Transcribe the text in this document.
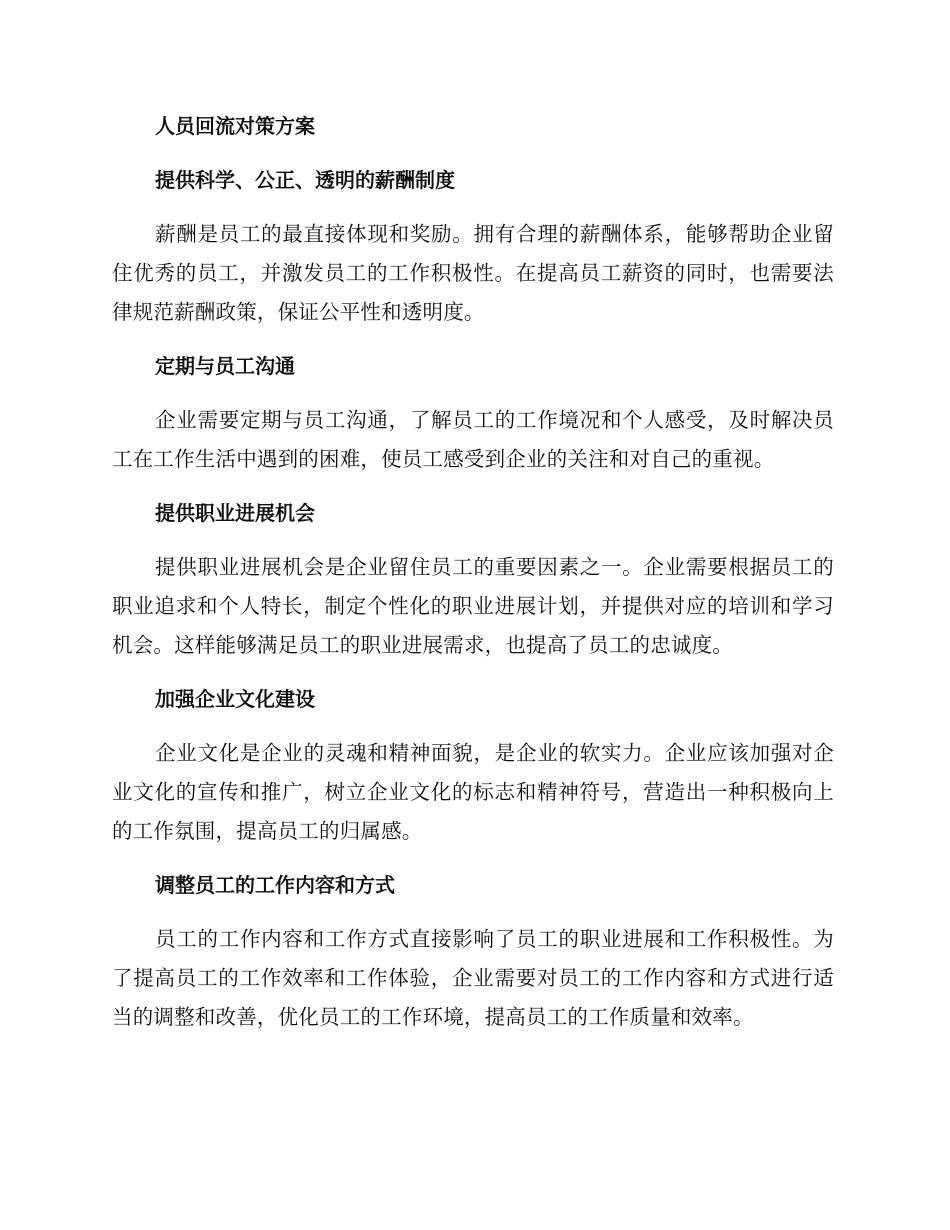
人员回流对策方案

提供科学、公正、透明的薪酬制度

薪酬是员工的最直接体现和奖励。拥有合理的薪酬体系，能够帮助企业留住优秀的员工，并激发员工的工作积极性。在提高员工薪资的同时，也需要法律规范薪酬政策，保证公平性和透明度。

定期与员工沟通

企业需要定期与员工沟通，了解员工的工作境况和个人感受，及时解决员工在工作生活中遇到的困难，使员工感受到企业的关注和对自己的重视。

提供职业进展机会

提供职业进展机会是企业留住员工的重要因素之一。企业需要根据员工的职业追求和个人特长，制定个性化的职业进展计划，并提供对应的培训和学习机会。这样能够满足员工的职业进展需求，也提高了员工的忠诚度。

加强企业文化建设

企业文化是企业的灵魂和精神面貌，是企业的软实力。企业应该加强对企业文化的宣传和推广，树立企业文化的标志和精神符号，营造出一种积极向上的工作氛围，提高员工的归属感。

调整员工的工作内容和方式

员工的工作内容和工作方式直接影响了员工的职业进展和工作积极性。为了提高员工的工作效率和工作体验，企业需要对员工的工作内容和方式进行适当的调整和改善，优化员工的工作环境，提高员工的工作质量和效率。
